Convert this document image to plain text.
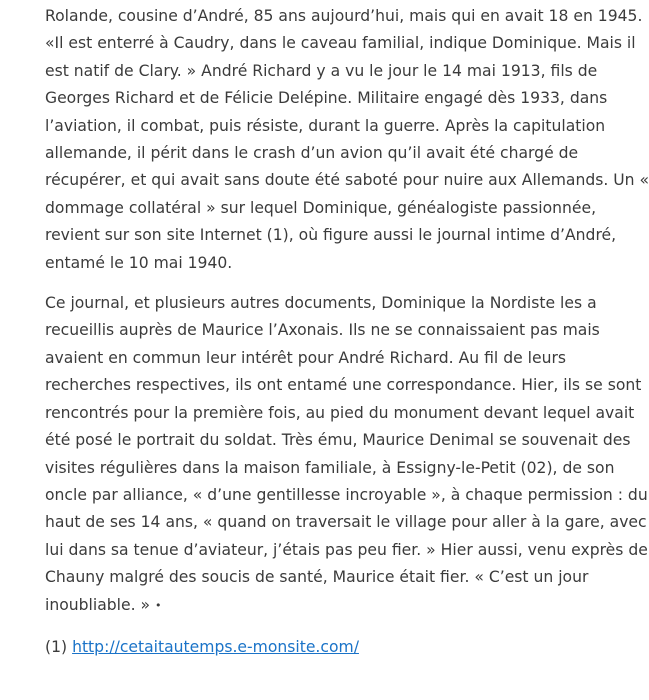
Rolande, cousine d’André, 85 ans aujourd’hui, mais qui en avait 18 en 1945.
«Il est enterré à Caudry, dans le caveau familial, indique Dominique. Mais il
est natif de Clary. » André Richard y a vu le jour le 14 mai 1913, fils de
Georges Richard et de Félicie Delépine. Militaire engagé dès 1933, dans
l’aviation, il combat, puis résiste, durant la guerre. Après la capitulation
allemande, il périt dans le crash d’un avion qu’il avait été chargé de
récupérer, et qui avait sans doute été saboté pour nuire aux Allemands. Un «
dommage collatéral » sur lequel Dominique, généalogiste passionnée,
revient sur son site Internet (1), où figure aussi le journal intime d’André,
entamé le 10 mai 1940.

Ce journal, et plusieurs autres documents, Dominique la Nordiste les a
recueillis auprès de Maurice l’Axonais. Ils ne se connaissaient pas mais
avaient en commun leur intérêt pour André Richard. Au fil de leurs
recherches respectives, ils ont entamé une correspondance. Hier, ils se sont
rencontrés pour la première fois, au pied du monument devant lequel avait
été posé le portrait du soldat. Très ému, Maurice Denimal se souvenait des
visites régulières dans la maison familiale, à Essigny-le-Petit (02), de son
oncle par alliance, « d’une gentillesse incroyable », à chaque permission : du
haut de ses 14 ans, « quand on traversait le village pour aller à la gare, avec
lui dans sa tenue d’aviateur, j’étais pas peu fier. » Hier aussi, venu exprès de
Chauny malgré des soucis de santé, Maurice était fier. « C’est un jour
inoubliable. » •

(1) http://cetaitautemps.e-monsite.com/
